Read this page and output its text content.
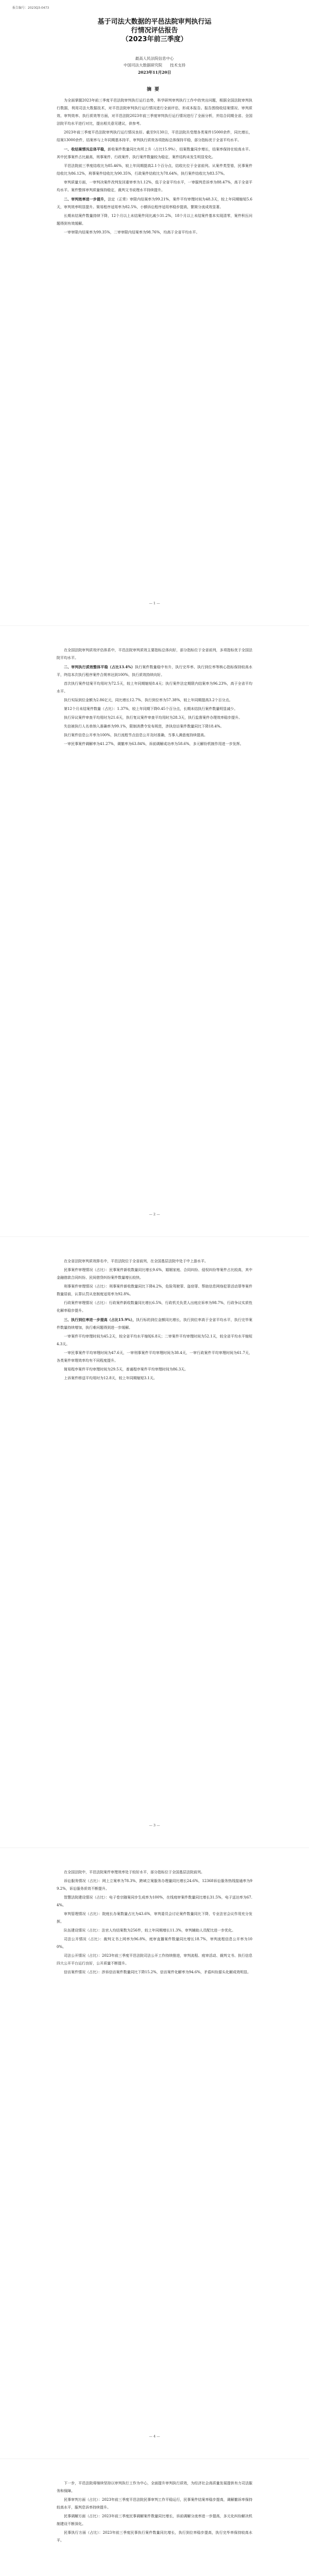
报告编号：2023Q3-0473
基于司法大数据的平邑法院审判执行运
行情况评估报告
（2023年前三季度）
最高人民法院信息中心
中国司法大数据研究院　　技术支持
2023年11月20日
摘要

为全面掌握2023年前三季度平邑法院审判执行运行态势，科学研判审判执行工作中的突出问题，根据全国法院审判执行数据，利用司法大数据技术，对平邑法院审判执行运行情况进行全面评估，形成本报告。报告围绕收结案情况、审判质效、审判效率、执行质效等方面，对平邑法院2023年前三季度审判执行运行情况进行了全面分析，并结合同期全省、全国法院平均水平进行对比，提出相关意见建议，供参考。

2023年前三季度平邑法院审判执行运行情况良好。截至9月30日，平邑法院共受理各类案件15000余件，同比增长，结案13000余件，结案率与上年同期基本持平，审判执行质效各项指标总体保持平稳，部分指标优于全省平均水平。

一、收结案情况总体平稳，新收案件数量同比有所上升（占比15.9%），结案数量同步增长，结案率保持在较高水平。其中民事案件占比最高，刑事案件、行政案件、执行案件数量较为稳定，案件结构未发生明显变化。

平邑法院前三季度结收比为85.46%，较上年同期提高2.1个百分点，结收比位于全省前列。从案件类型看，民事案件结收比为86.12%，刑事案件结收比为90.35%，行政案件结收比为78.64%，执行案件结收比为83.57%。

审判质量方面，一审判决案件改判发回重审率为1.12%，低于全省平均水平，一审服判息诉率为88.47%，高于全省平均水平。案件整体审判质量保持稳定，裁判文书说理水平持续提升。

二、审判效率进一步提升，法定（正常）审限内结案率为99.21%，案件平均审理时间为48.3天，较上年同期缩短5.6天，审判效率明显提升。简易程序适用率为82.5%，小额诉讼程序适用率稳步提高，繁简分流成效显著。

长期未结案件数量持续下降，12个月以上未结案件同比减少31.2%，18个月以上未结案件基本实现清零，案件积压问题得到有效缓解。

一审审限内结案率为99.35%，二审审限内结案率为98.76%，均高于全省平均水平。

— 1 —

在全国法院审判质效评估体系中，平邑法院审判质效主要指标总体向好，部分指标位于全省前列，多项指标优于全国法院平均水平。

二、审判执行质效整体平稳（占比13.4%）执行案件数量稳中有升，执行完毕率、执行到位率等核心指标保持较高水平，终结本次执行程序案件合规率达到100%，执行质效持续向好。

首次执行案件结案平均用时为72.5天，较上年同期缩短8.4天；执行案件法定期限内结案率为96.23%，高于全省平均水平。

执行实际到位金额为2.86亿元，同比增长12.7%，执行到位率为57.38%，较上年同期提高3.2个百分点。

第12个月未结案件数量（占比）：1.37%，较上年同期下降0.45个百分点，长期未结执行案件数量明显减少。

执行异议案件审查平均用时为21.6天，执行复议案件审查平均用时为28.3天，执行监督案件办理效率稳步提升。

失信被执行人名单纳入准确率为99.1%，限制消费令发布规范，涉执信访案件数量同比下降18.4%。

执行案件信息公开率为100%，执行流程节点信息公开及时准确，当事人满意度持续提高。

一审民事案件调解率为41.27%，调撤率为63.84%，诉前调解成功率为58.6%，多元解纷机制作用进一步发挥。

— 2 —

在全省法院审判质效排名中，平邑法院位于全省前列，在全国基层法院中处于中上游水平。

民事案件审理情况（占比）：民事案件新收数量同比增长9.6%，婚姻家庭、合同纠纷、侵权纠纷等案件占比较高，其中金融借款合同纠纷、民间借贷纠纷案件数量增长较快。

刑事案件审理情况（占比）：刑事案件新收数量同比下降4.2%，危险驾驶罪、盗窃罪、帮助信息网络犯罪活动罪等案件数量居前，认罪认罚从宽制度适用率为92.8%。

行政案件审理情况（占比）：行政案件新收数量同比增长6.5%，行政机关负责人出庭应诉率为98.7%，行政争议实质性化解率稳步提升。

三、执行到位率进一步提高（占比15.9%），执行标的到位金额同比增长，执行到位率高于全省平均水平，执行完毕案件数量持续增加，执行难问题得到进一步缓解。

一审案件平均审理时间为45.2天，较全省平均水平缩短6.8天；二审案件平均审理时间为52.1天，较全省平均水平缩短4.3天。

一审民事案件平均审理时间为47.6天，一审刑事案件平均审理时间为38.4天，一审行政案件平均审理时间为61.7天，各类案件审理效率均有不同程度提升。

简易程序案件平均审理时间为29.5天，普通程序案件平均审理时间为86.3天。

上诉案件移送平均用时为12.8天，较上年同期缩短3.1天。

— 3 —

在全国法院中，平邑法院案件审理效率处于较好水平，部分指标位于全国基层法院前列。

诉讼服务情况（占比）：网上立案率为78.3%，跨域立案服务办理量同比增长24.6%，12368诉讼服务热线接通率为99.2%，诉讼服务质效不断提升。

智慧法院建设情况（占比）：电子卷宗随案同步生成率为100%，在线庭审案件数量同比增长31.5%，电子送达率为67.4%。

审判管理情况（占比）：院庭长办案数量占比为43.6%，审判委员会讨论案件数量同比下降，专业法官会议作用充分发挥。

队伍建设情况（占比）：法官人均结案数为256件，较上年同期增长11.3%，审判辅助人员配比进一步优化。

司法公开情况（占比）：裁判文书上网率为96.8%，庭审直播案件数量同比增长18.7%，审判流程信息公开率为100%。

司法公开情况（占比）：2023年前三季度平邑法院司法公开工作持续推进，审判流程、庭审活动、裁判文书、执行信息四大公开平台运行良好，公开质量不断提升。

信访案件情况（占比）：涉诉信访案件数量同比下降15.2%，信访案件化解率为94.6%，矛盾纠纷源头化解成效明显。

— 4 —

下一步，平邑法院将继续坚持以审判执行工作为中心，全面提升审判执行质效，为经济社会高质量发展提供有力司法服务和保障。

民事审判方面（占比）：2023年前三季度平邑法院民事审判工作平稳运行，民事案件结案率稳步提高，调解撤诉率保持较高水平，服判息诉率持续提升。

民事调解方面（占比）：2023年前三季度民事调解案件数量同比增长，诉前调解分流率进一步提高，多元化纠纷解决机制建设不断深化。

民事执行方面（占比）：2023年前三季度民事执行案件数量同比增长，执行到位率稳步提高，执行完毕率保持较高水平。
